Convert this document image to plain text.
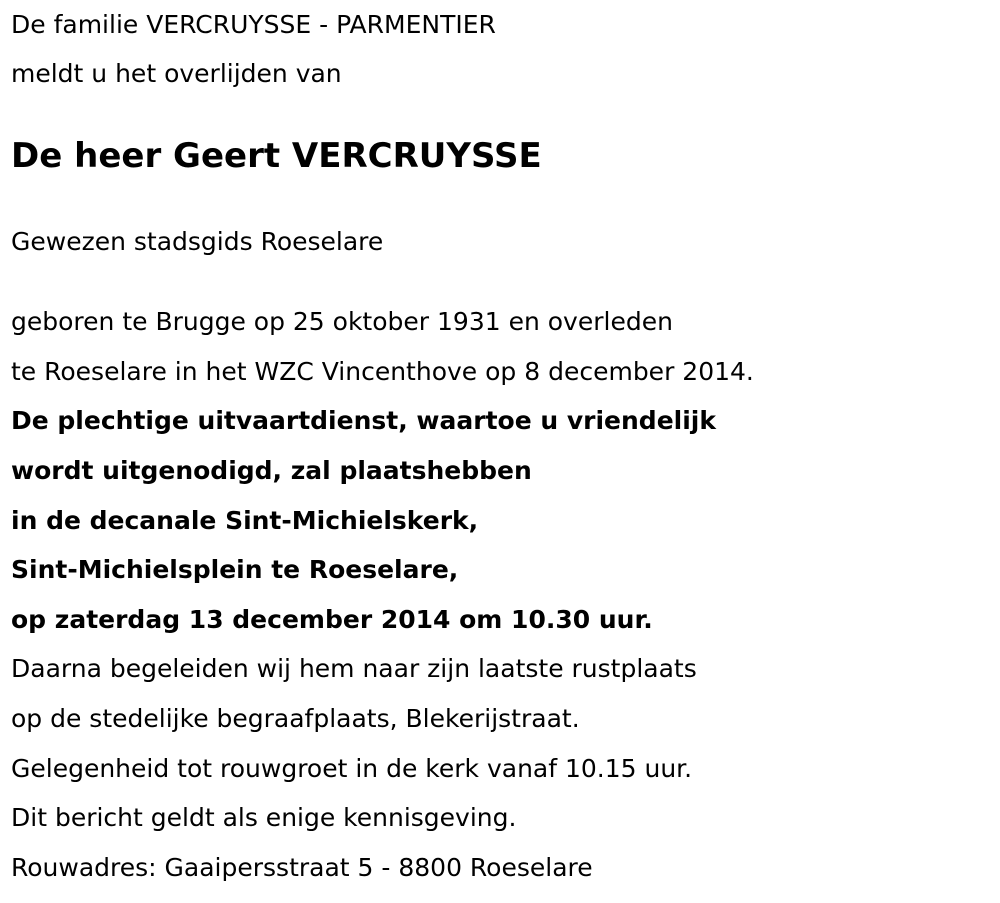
De familie VERCRUYSSE - PARMENTIER
meldt u het overlijden van
De heer Geert VERCRUYSSE
Gewezen stadsgids Roeselare
geboren te Brugge op 25 oktober 1931 en overleden
te Roeselare in het WZC Vincenthove op 8 december 2014.
De plechtige uitvaartdienst, waartoe u vriendelijk
wordt uitgenodigd, zal plaatshebben
in de decanale Sint-Michielskerk,
Sint-Michielsplein te Roeselare,
op zaterdag 13 december 2014 om 10.30 uur.
Daarna begeleiden wij hem naar zijn laatste rustplaats
op de stedelijke begraafplaats, Blekerijstraat.
Gelegenheid tot rouwgroet in de kerk vanaf 10.15 uur.
Dit bericht geldt als enige kennisgeving.
Rouwadres: Gaaipersstraat 5 - 8800 Roeselare
